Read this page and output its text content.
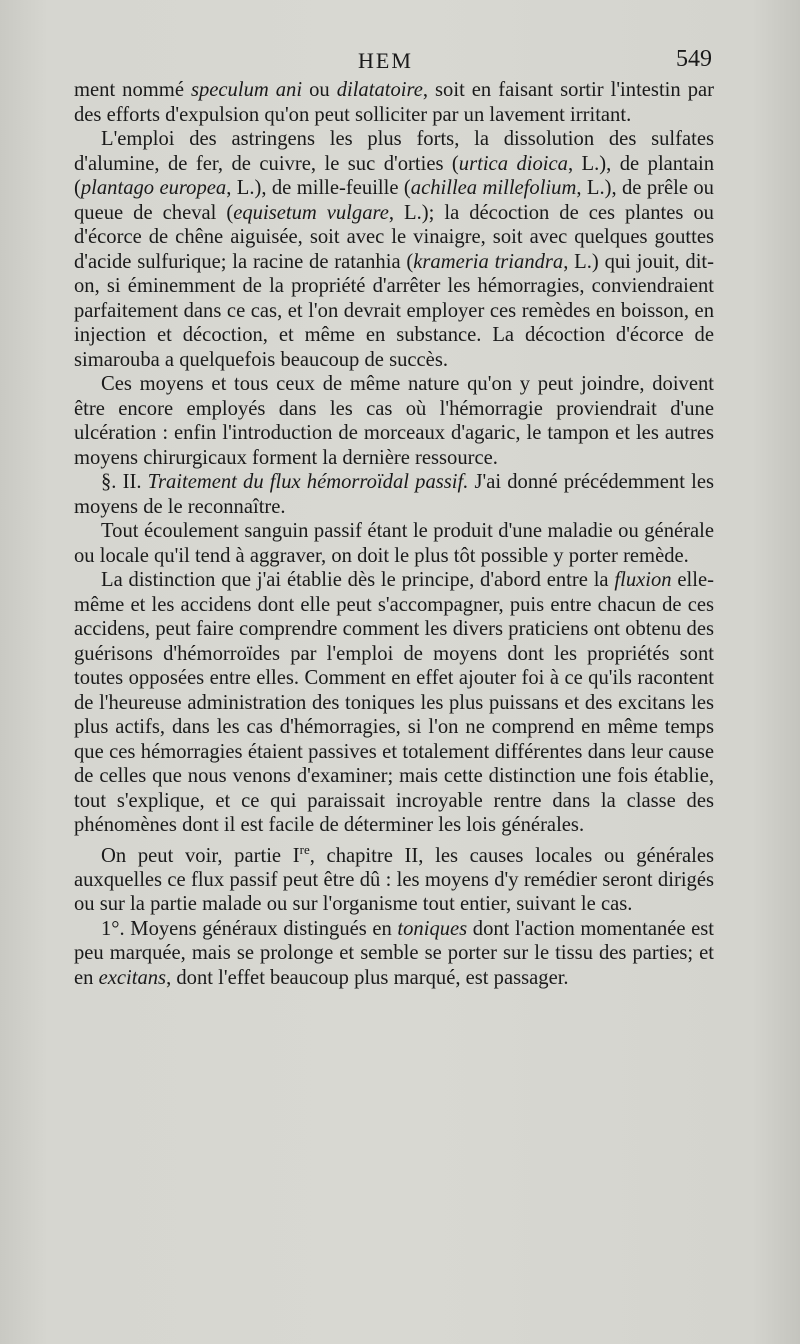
HEM	549

ment nommé speculum ani ou dilatatoire, soit en faisant sortir l'intestin par des efforts d'expulsion qu'on peut solliciter par un lavement irritant.

L'emploi des astringens les plus forts, la dissolution des sulfates d'alumine, de fer, de cuivre, le suc d'orties (urtica dioica, L.), de plantain (plantago europea, L.), de mille-feuille (achillea millefolium, L.), de prêle ou queue de cheval (equisetum vulgare, L.); la décoction de ces plantes ou d'écorce de chêne aiguisée, soit avec le vinaigre, soit avec quelques gouttes d'acide sulfurique; la racine de ratanhia (krameria triandra, L.) qui jouit, dit-on, si éminemment de la propriété d'arrêter les hémorragies, conviendraient parfaitement dans ce cas, et l'on devrait employer ces remèdes en boisson, en injection et décoction, et même en substance. La décoction d'écorce de simarouba a quelquefois beaucoup de succès.

Ces moyens et tous ceux de même nature qu'on y peut joindre, doivent être encore employés dans les cas où l'hémorragie proviendrait d'une ulcération : enfin l'introduction de morceaux d'agaric, le tampon et les autres moyens chirurgicaux forment la dernière ressource.

§. II. Traitement du flux hémorroïdal passif. J'ai donné précédemment les moyens de le reconnaître.

Tout écoulement sanguin passif étant le produit d'une maladie ou générale ou locale qu'il tend à aggraver, on doit le plus tôt possible y porter remède.

La distinction que j'ai établie dès le principe, d'abord entre la fluxion elle-même et les accidens dont elle peut s'accompagner, puis entre chacun de ces accidens, peut faire comprendre comment les divers praticiens ont obtenu des guérisons d'hémorroïdes par l'emploi de moyens dont les propriétés sont toutes opposées entre elles. Comment en effet ajouter foi à ce qu'ils racontent de l'heureuse administration des toniques les plus puissans et des excitans les plus actifs, dans les cas d'hémorragies, si l'on ne comprend en même temps que ces hémorragies étaient passives et totalement différentes dans leur cause de celles que nous venons d'examiner; mais cette distinction une fois établie, tout s'explique, et ce qui paraissait incroyable rentre dans la classe des phénomènes dont il est facile de déterminer les lois générales.

On peut voir, partie Ire, chapitre II, les causes locales ou générales auxquelles ce flux passif peut être dû : les moyens d'y remédier seront dirigés ou sur la partie malade ou sur l'organisme tout entier, suivant le cas.

1°. Moyens généraux distingués en toniques dont l'action momentanée est peu marquée, mais se prolonge et semble se porter sur le tissu des parties; et en excitans, dont l'effet beaucoup plus marqué, est passager.
